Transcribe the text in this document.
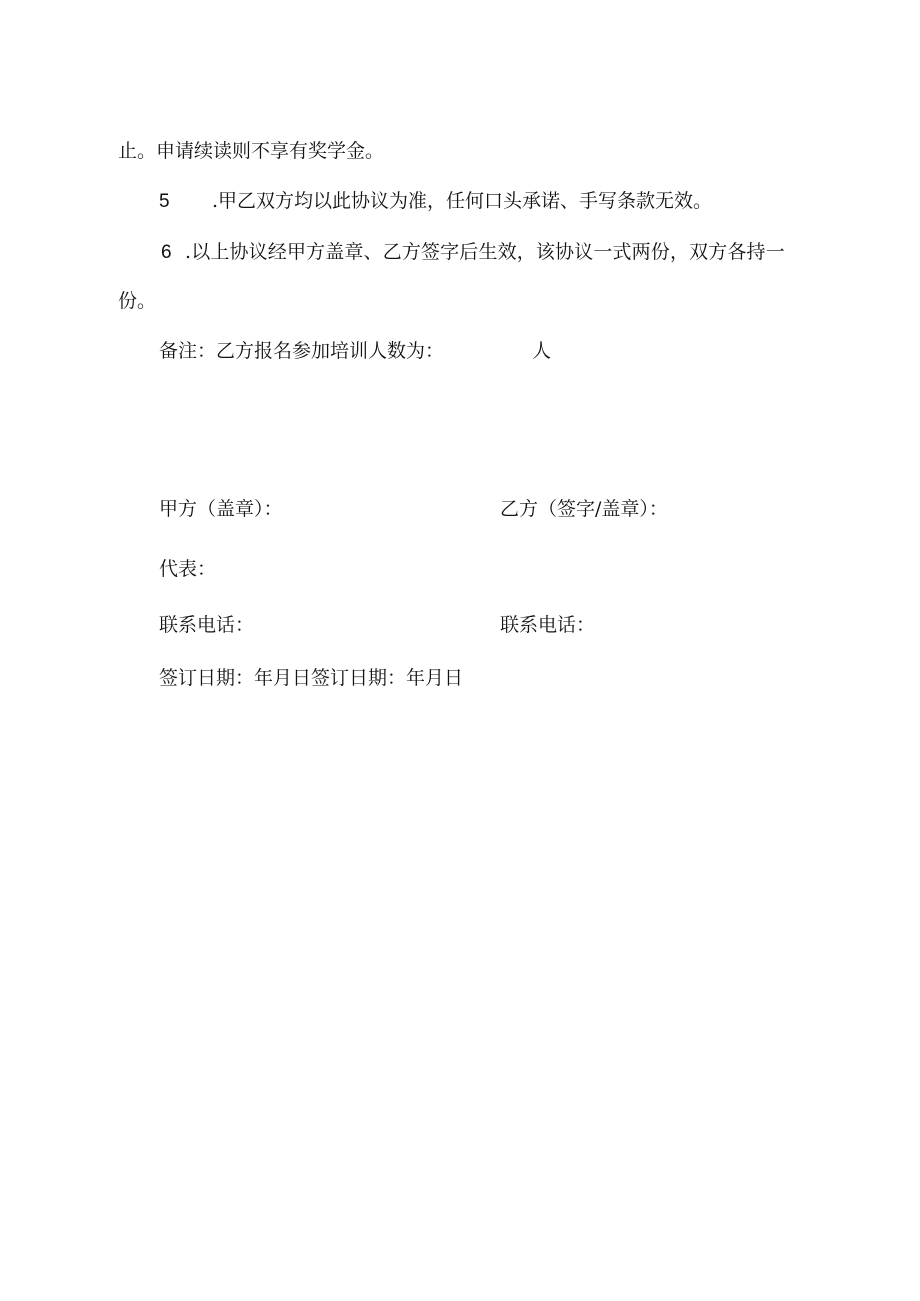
止。申请续读则不享有奖学金。
5 .甲乙双方均以此协议为准，任何口头承诺、手写条款无效。
6 .以上协议经甲方盖章、乙方签字后生效，该协议一式两份，双方各持一
份。
备注：乙方报名参加培训人数为：	人
甲方（盖章）：	乙方（签字/盖章）：
代表：
联系电话：	联系电话：
签订日期：年月日签订日期：年月日
